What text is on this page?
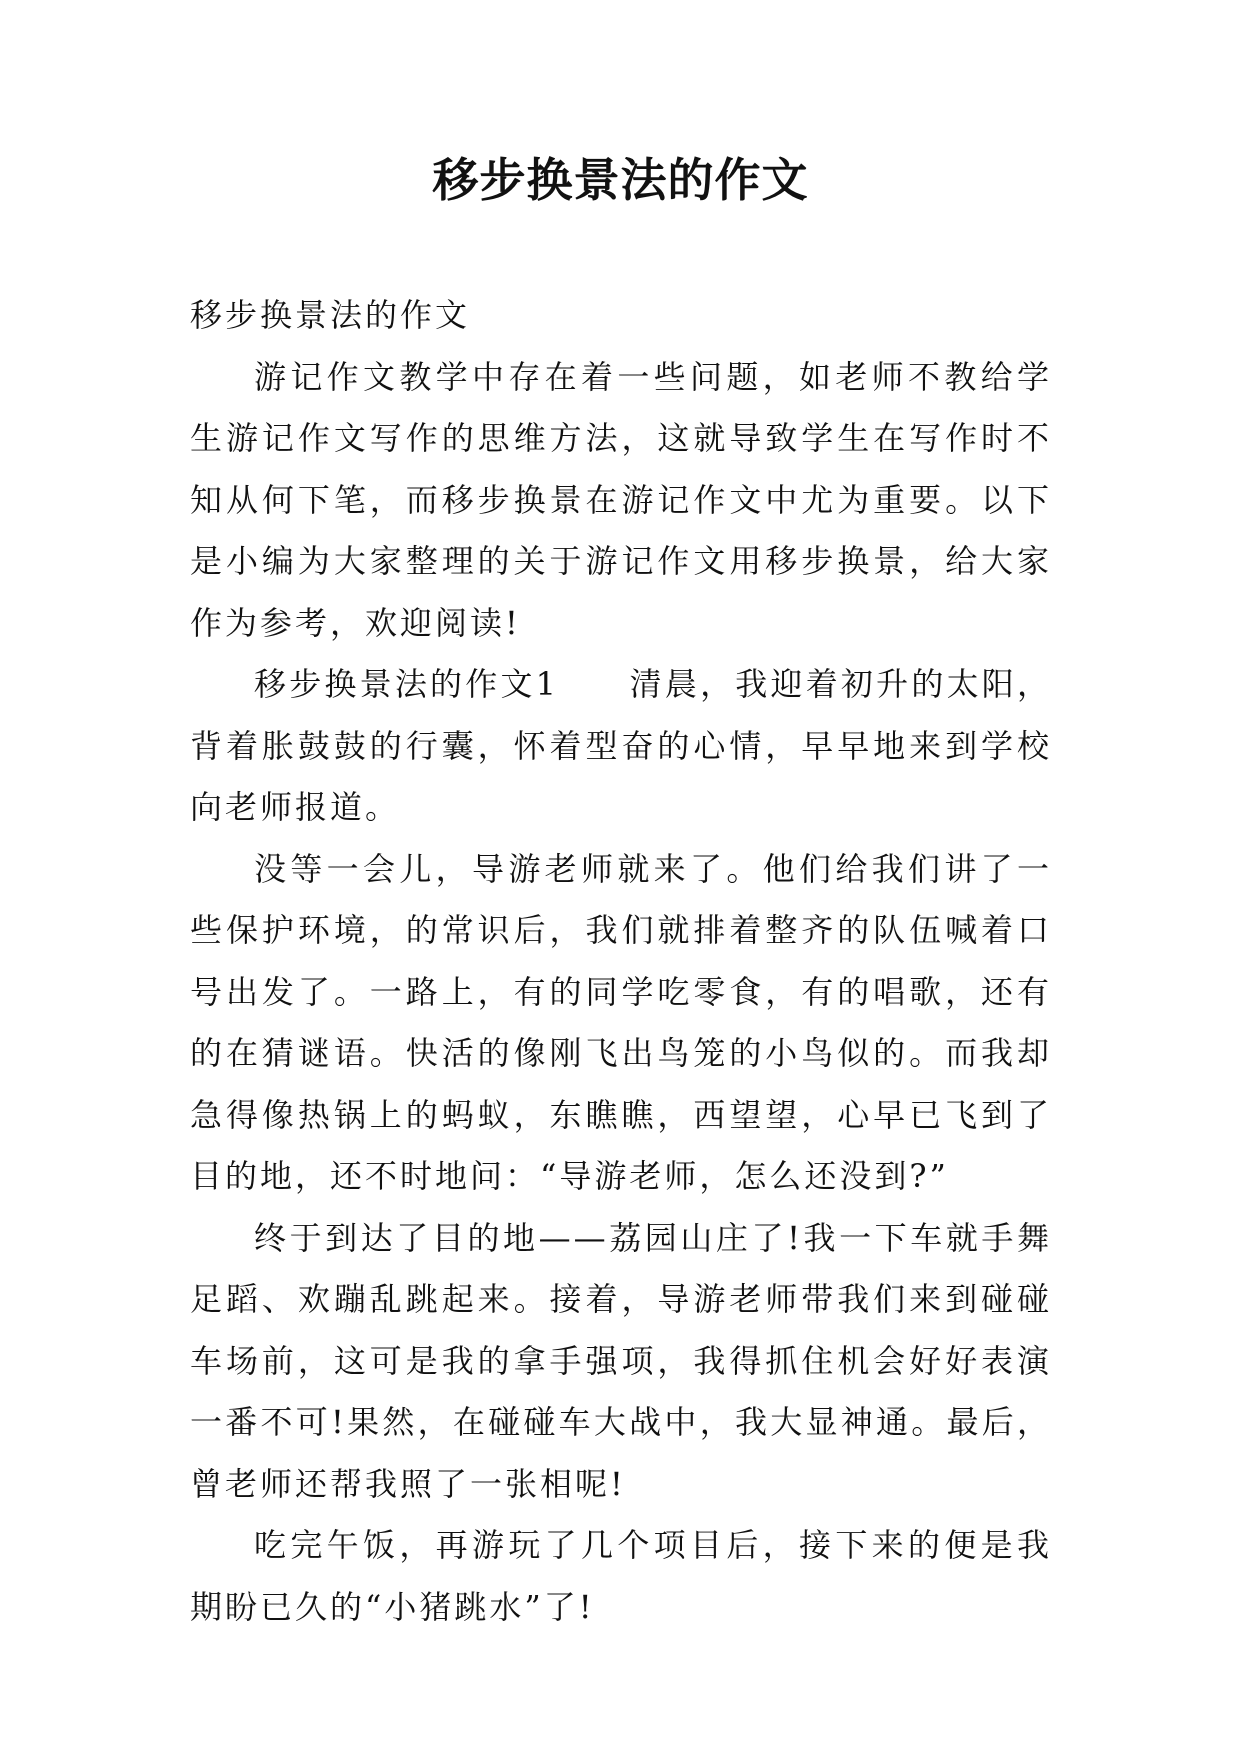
移步换景法的作文

移步换景法的作文

游记作文教学中存在着一些问题，如老师不教给学生游记作文写作的思维方法，这就导致学生在写作时不知从何下笔，而移步换景在游记作文中尤为重要。以下是小编为大家整理的关于游记作文用移步换景，给大家作为参考，欢迎阅读!

移步换景法的作文1　　清晨，我迎着初升的太阳，背着胀鼓鼓的行囊，怀着型奋的心情，早早地来到学校向老师报道。

没等一会儿，导游老师就来了。他们给我们讲了一些保护环境，的常识后，我们就排着整齐的队伍喊着口号出发了。一路上，有的同学吃零食，有的唱歌，还有的在猜谜语。快活的像刚飞出鸟笼的小鸟似的。而我却急得像热锅上的蚂蚁，东瞧瞧，西望望，心早已飞到了目的地，还不时地问：“导游老师，怎么还没到?”

终于到达了目的地——荔园山庄了!我一下车就手舞足蹈、欢蹦乱跳起来。接着，导游老师带我们来到碰碰车场前，这可是我的拿手强项，我得抓住机会好好表演一番不可!果然，在碰碰车大战中，我大显神通。最后，曾老师还帮我照了一张相呢!

吃完午饭，再游玩了几个项目后，接下来的便是我期盼已久的“小猪跳水”了!
